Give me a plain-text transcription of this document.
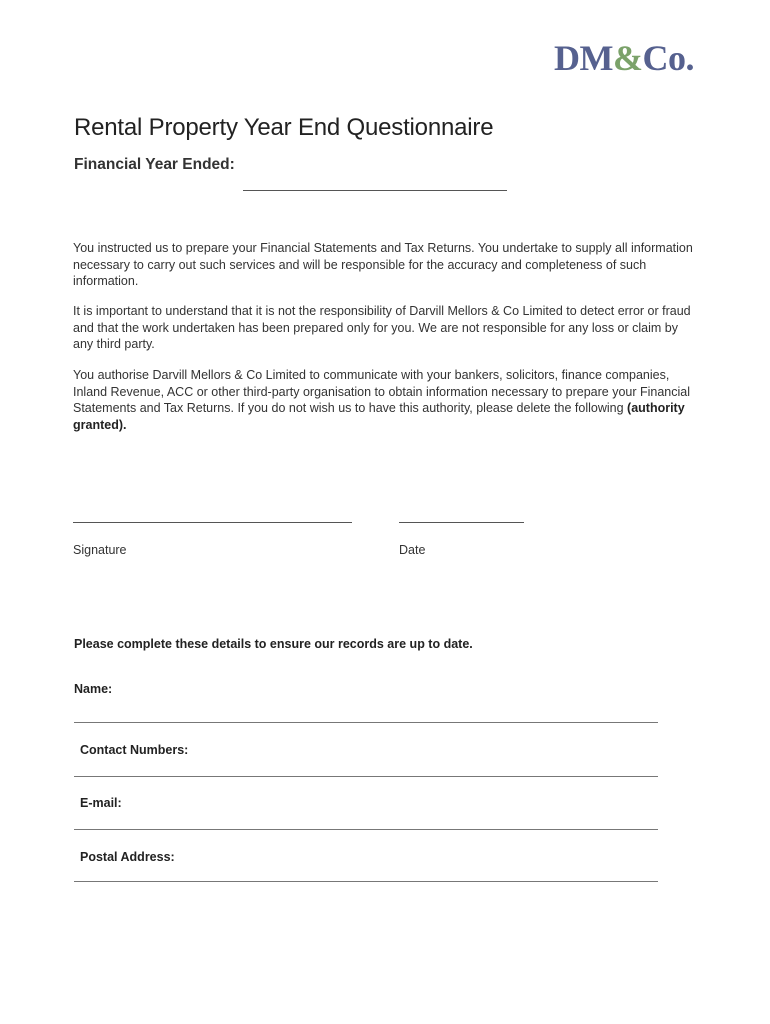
DM&Co.
Rental Property Year End Questionnaire
Financial Year Ended:

You instructed us to prepare your Financial Statements and Tax Returns. You undertake to supply all information necessary to carry out such services and will be responsible for the accuracy and completeness of such information.

It is important to understand that it is not the responsibility of Darvill Mellors & Co Limited to detect error or fraud and that the work undertaken has been prepared only for you. We are not responsible for any loss or claim by any third party.

You authorise Darvill Mellors & Co Limited to communicate with your bankers, solicitors, finance companies, Inland Revenue, ACC or other third-party organisation to obtain information necessary to prepare your Financial Statements and Tax Returns. If you do not wish us to have this authority, please delete the following (authority granted).

Signature	Date
Please complete these details to ensure our records are up to date.
Name:
Contact Numbers:
E-mail:
Postal Address:
